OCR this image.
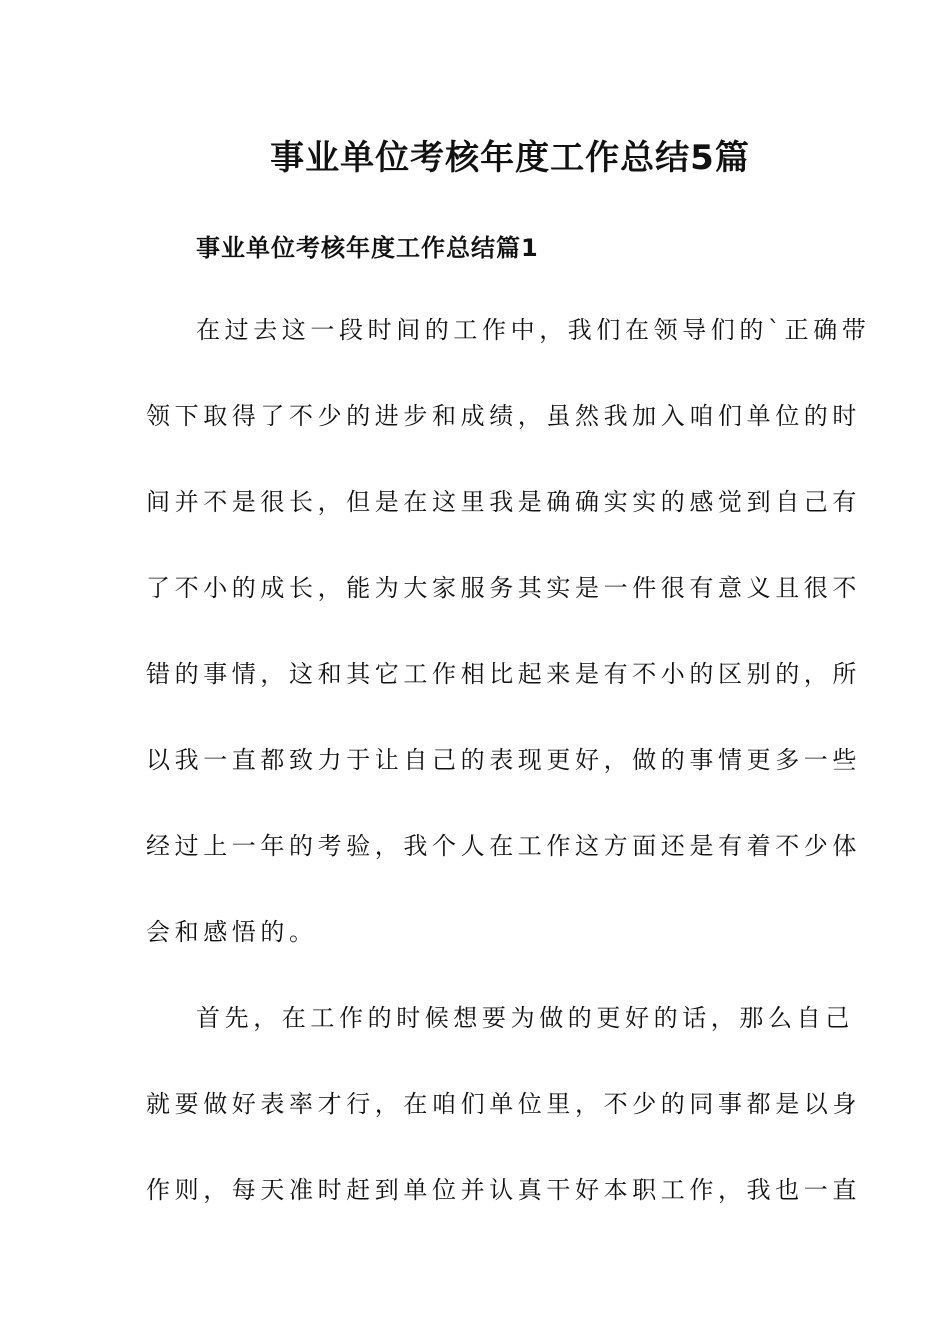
事业单位考核年度工作总结5篇
事业单位考核年度工作总结篇1
在过去这一段时间的工作中，我们在领导们的`正确带
领下取得了不少的进步和成绩，虽然我加入咱们单位的时
间并不是很长，但是在这里我是确确实实的感觉到自己有
了不小的成长，能为大家服务其实是一件很有意义且很不
错的事情，这和其它工作相比起来是有不小的区别的，所
以我一直都致力于让自己的表现更好，做的事情更多一些
经过上一年的考验，我个人在工作这方面还是有着不少体
会和感悟的。
首先，在工作的时候想要为做的更好的话，那么自己
就要做好表率才行，在咱们单位里，不少的同事都是以身
作则，每天准时赶到单位并认真干好本职工作，我也一直
